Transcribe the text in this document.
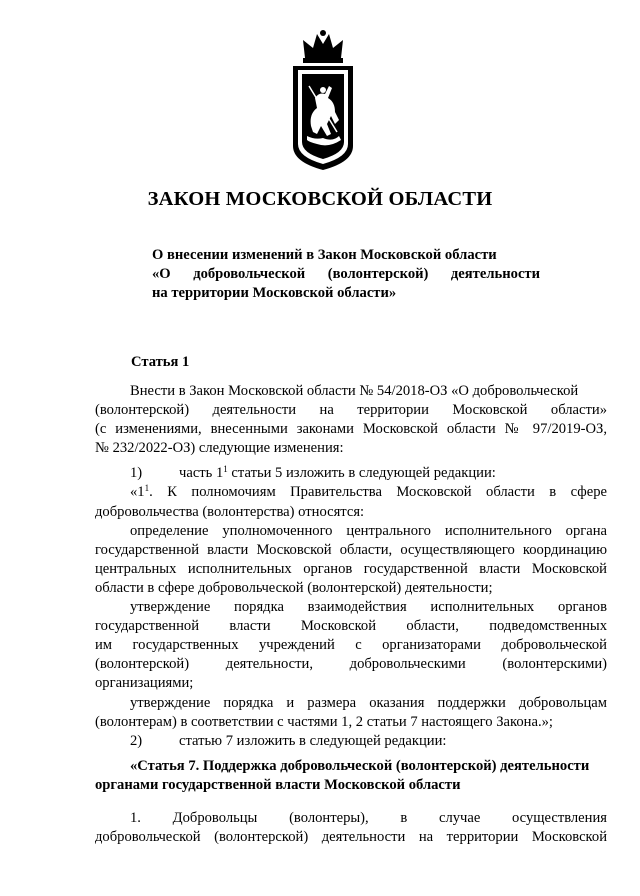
ЗАКОН МОСКОВСКОЙ ОБЛАСТИ
О внесении изменений в Закон Московской области
«О добровольческой (волонтерской) деятельности
на территории Московской области»
Статья 1
Внести в Закон Московской области № 54/2018-ОЗ «О добровольческой
(волонтерской) деятельности на территории Московской области»
(с изменениями, внесенными законами Московской области № 97/2019-ОЗ,
№ 232/2022-ОЗ) следующие изменения:
1)	часть $1^1$ статьи 5 изложить в следующей редакции:
«$1^1$. К полномочиям Правительства Московской области в сфере
добровольчества (волонтерства) относятся:
определение уполномоченного центрального исполнительного органа
государственной власти Московской области, осуществляющего координацию
центральных исполнительных органов государственной власти Московской
области в сфере добровольческой (волонтерской) деятельности;
утверждение порядка взаимодействия исполнительных органов
государственной власти Московской области, подведомственных
им государственных учреждений с организаторами добровольческой
(волонтерской) деятельности, добровольческими (волонтерскими)
организациями;
утверждение порядка и размера оказания поддержки добровольцам
(волонтерам) в соответствии с частями 1, 2 статьи 7 настоящего Закона.»;
2)	статью 7 изложить в следующей редакции:
«Статья 7. Поддержка добровольческой (волонтерской) деятельности
органами государственной власти Московской области
1. Добровольцы (волонтеры), в случае осуществления
добровольческой (волонтерской) деятельности на территории Московской
